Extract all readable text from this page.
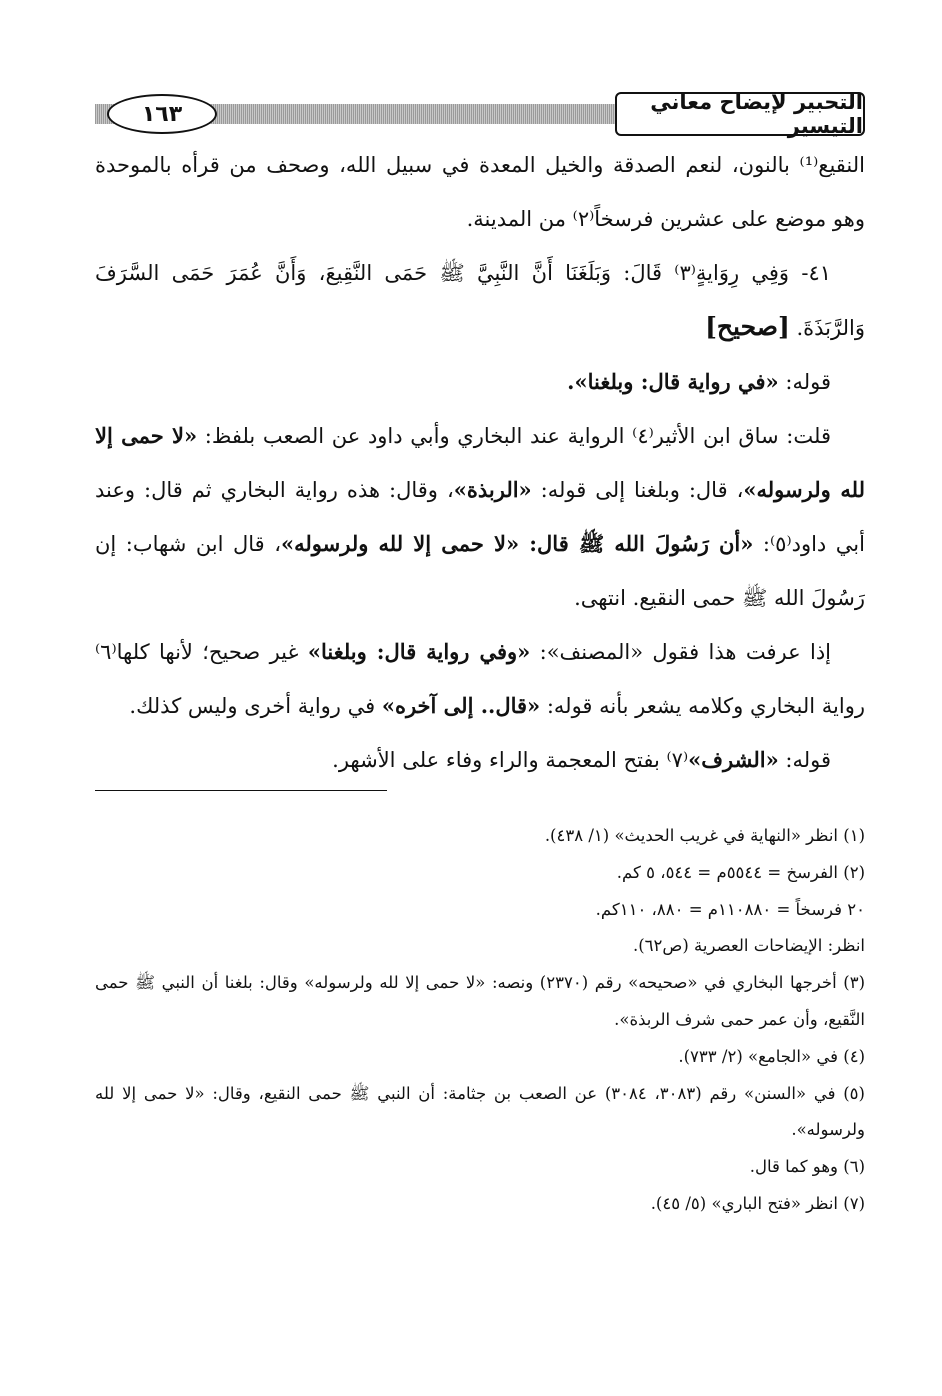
التحبير لإيضاح معاني التيسير
١٦٣

النقيع⁽¹⁾ بالنون، لنعم الصدقة والخيل المعدة في سبيل الله، وصحف من قرأه بالموحدة وهو موضع على عشرين فرسخاً⁽٢⁾ من المدينة.

٤١- وَفِي رِوَايةٍ⁽٣⁾ قَالَ: وَبَلَغَنَا أَنَّ النَّبِيَّ ﷺ حَمَى النَّقِيعَ، وَأَنَّ عُمَرَ حَمَى السَّرَفَ وَالرَّبَذَةَ. [صحيح]

قوله: «في رواية قال: وبلغنا».

قلت: ساق ابن الأثير⁽٤⁾ الرواية عند البخاري وأبي داود عن الصعب بلفظ: «لا حمى إلا لله ولرسوله»، قال: وبلغنا إلى قوله: «الربذة»، وقال: هذه رواية البخاري ثم قال: وعند أبي داود⁽٥⁾: «أن رَسُولَ الله ﷺ قال: «لا حمى إلا لله ولرسوله»، قال ابن شهاب: إن رَسُولَ الله ﷺ حمى النقيع. انتهى.

إذا عرفت هذا فقول «المصنف»: «وفي رواية قال: وبلغنا» غير صحيح؛ لأنها كلها⁽٦⁾ رواية البخاري وكلامه يشعر بأنه قوله: «قال.. إلى آخره» في رواية أخرى وليس كذلك.

قوله: «الشرف»⁽٧⁾ بفتح المعجمة والراء وفاء على الأشهر.

(١) انظر «النهاية في غريب الحديث» (١/ ٤٣٨).

(٢) الفرسخ = ٥٥٤٤م = ٥٤٤، ٥ كم.

٢٠ فرسخاً = ١١٠٨٨٠م = ٨٨٠، ١١٠كم.

انظر: الإيضاحات العصرية (ص٦٢).

(٣) أخرجها البخاري في «صحيحه» رقم (٢٣٧٠) ونصه: «لا حمى إلا لله ولرسوله» وقال: بلغنا أن النبي ﷺ حمى النَّقيع، وأن عمر حمى شرف الربذة».

(٤) في «الجامع» (٢/ ٧٣٣).

(٥) في «السنن» رقم (٣٠٨٣، ٣٠٨٤) عن الصعب بن جثامة: أن النبي ﷺ حمى النقيع، وقال: «لا حمى إلا لله ولرسوله».

(٦) وهو كما قال.

(٧) انظر «فتح الباري» (٥/ ٤٥).
